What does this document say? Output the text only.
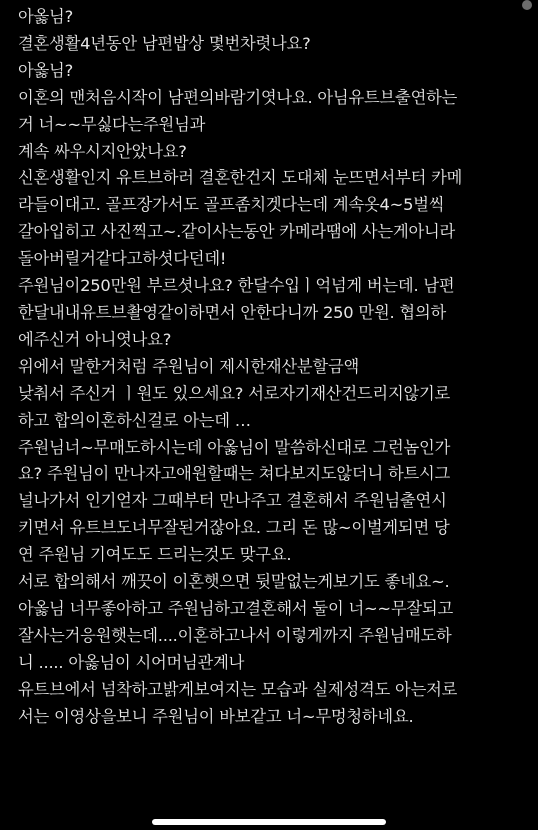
아옳님?
결혼생활4년동안 남편밥상 몇번차렷나요?
아옳님?
이혼의 맨처음시작이 남편의바람기엿나요. 아님유트브출연하는
거 너~~무싫다는주원님과
계속 싸우시지안았나요?
신혼생활인지 유트브하러 결혼한건지 도대체 눈뜨면서부터 카메
라들이대고. 골프장가서도 골프좀치겟다는데 계속옷4~5벌씩
갈아입히고 사진찍고~.같이사는동안 카메라땜에 사는게아니라
돌아버릴거같다고하셧다던데!
주원님이250만원 부르셧나요? 한달수입ㅣ억넘게 버는데. 남편
한달내내유트브촬영같이하면서 안한다니까 250 만원. 협의하
에주신거 아니엿나요?
위에서 말한거처럼 주원님이 제시한재산분할금액
낮춰서 주신거 ㅣ원도 있으세요? 서로자기재산건드리지않기로
하고 합의이혼하신걸로 아는데 …
주원님너~무매도하시는데 아옳님이 말씀하신대로 그런놈인가
요? 주원님이 만나자고애원할때는 쳐다보지도않더니 하트시그
널나가서 인기얻자 그때부터 만나주고 결혼해서 주원님출연시
키면서 유트브도너무잘된거잖아요. 그리 돈 많~이벌게되면 당
연 주원님 기여도도 드리는것도 맞구요.
서로 합의해서 깨끗이 이혼햇으면 뒷말없는게보기도 좋네요~.
아옳님 너무좋아하고 주원님하고결혼해서 둘이 너~~무잘되고
잘사는거응원햇는데....이혼하고나서 이렇게까지 주원님매도하
니 ..... 아옳님이 시어머님관계나
유트브에서 넘착하고밝게보여지는 모습과 실제성격도 아는저로
서는 이영상을보니 주원님이 바보같고 너~무멍청하네요.
